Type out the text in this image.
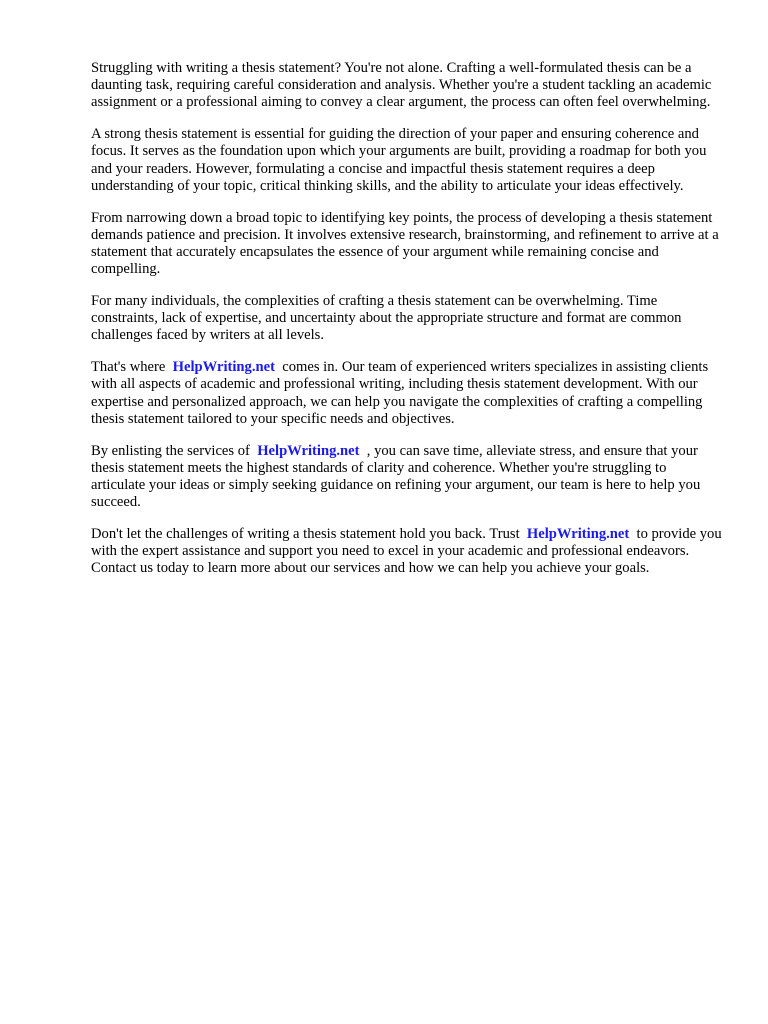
Struggling with writing a thesis statement? You're not alone. Crafting a well-formulated thesis can be a daunting task, requiring careful consideration and analysis. Whether you're a student tackling an academic assignment or a professional aiming to convey a clear argument, the process can often feel overwhelming.

A strong thesis statement is essential for guiding the direction of your paper and ensuring coherence and focus. It serves as the foundation upon which your arguments are built, providing a roadmap for both you and your readers. However, formulating a concise and impactful thesis statement requires a deep understanding of your topic, critical thinking skills, and the ability to articulate your ideas effectively.

From narrowing down a broad topic to identifying key points, the process of developing a thesis statement demands patience and precision. It involves extensive research, brainstorming, and refinement to arrive at a statement that accurately encapsulates the essence of your argument while remaining concise and compelling.

For many individuals, the complexities of crafting a thesis statement can be overwhelming. Time constraints, lack of expertise, and uncertainty about the appropriate structure and format are common challenges faced by writers at all levels.

That's where HelpWriting.net comes in. Our team of experienced writers specializes in assisting clients with all aspects of academic and professional writing, including thesis statement development. With our expertise and personalized approach, we can help you navigate the complexities of crafting a compelling thesis statement tailored to your specific needs and objectives.

By enlisting the services of HelpWriting.net , you can save time, alleviate stress, and ensure that your thesis statement meets the highest standards of clarity and coherence. Whether you're struggling to articulate your ideas or simply seeking guidance on refining your argument, our team is here to help you succeed.

Don't let the challenges of writing a thesis statement hold you back. Trust HelpWriting.net to provide you with the expert assistance and support you need to excel in your academic and professional endeavors. Contact us today to learn more about our services and how we can help you achieve your goals.
